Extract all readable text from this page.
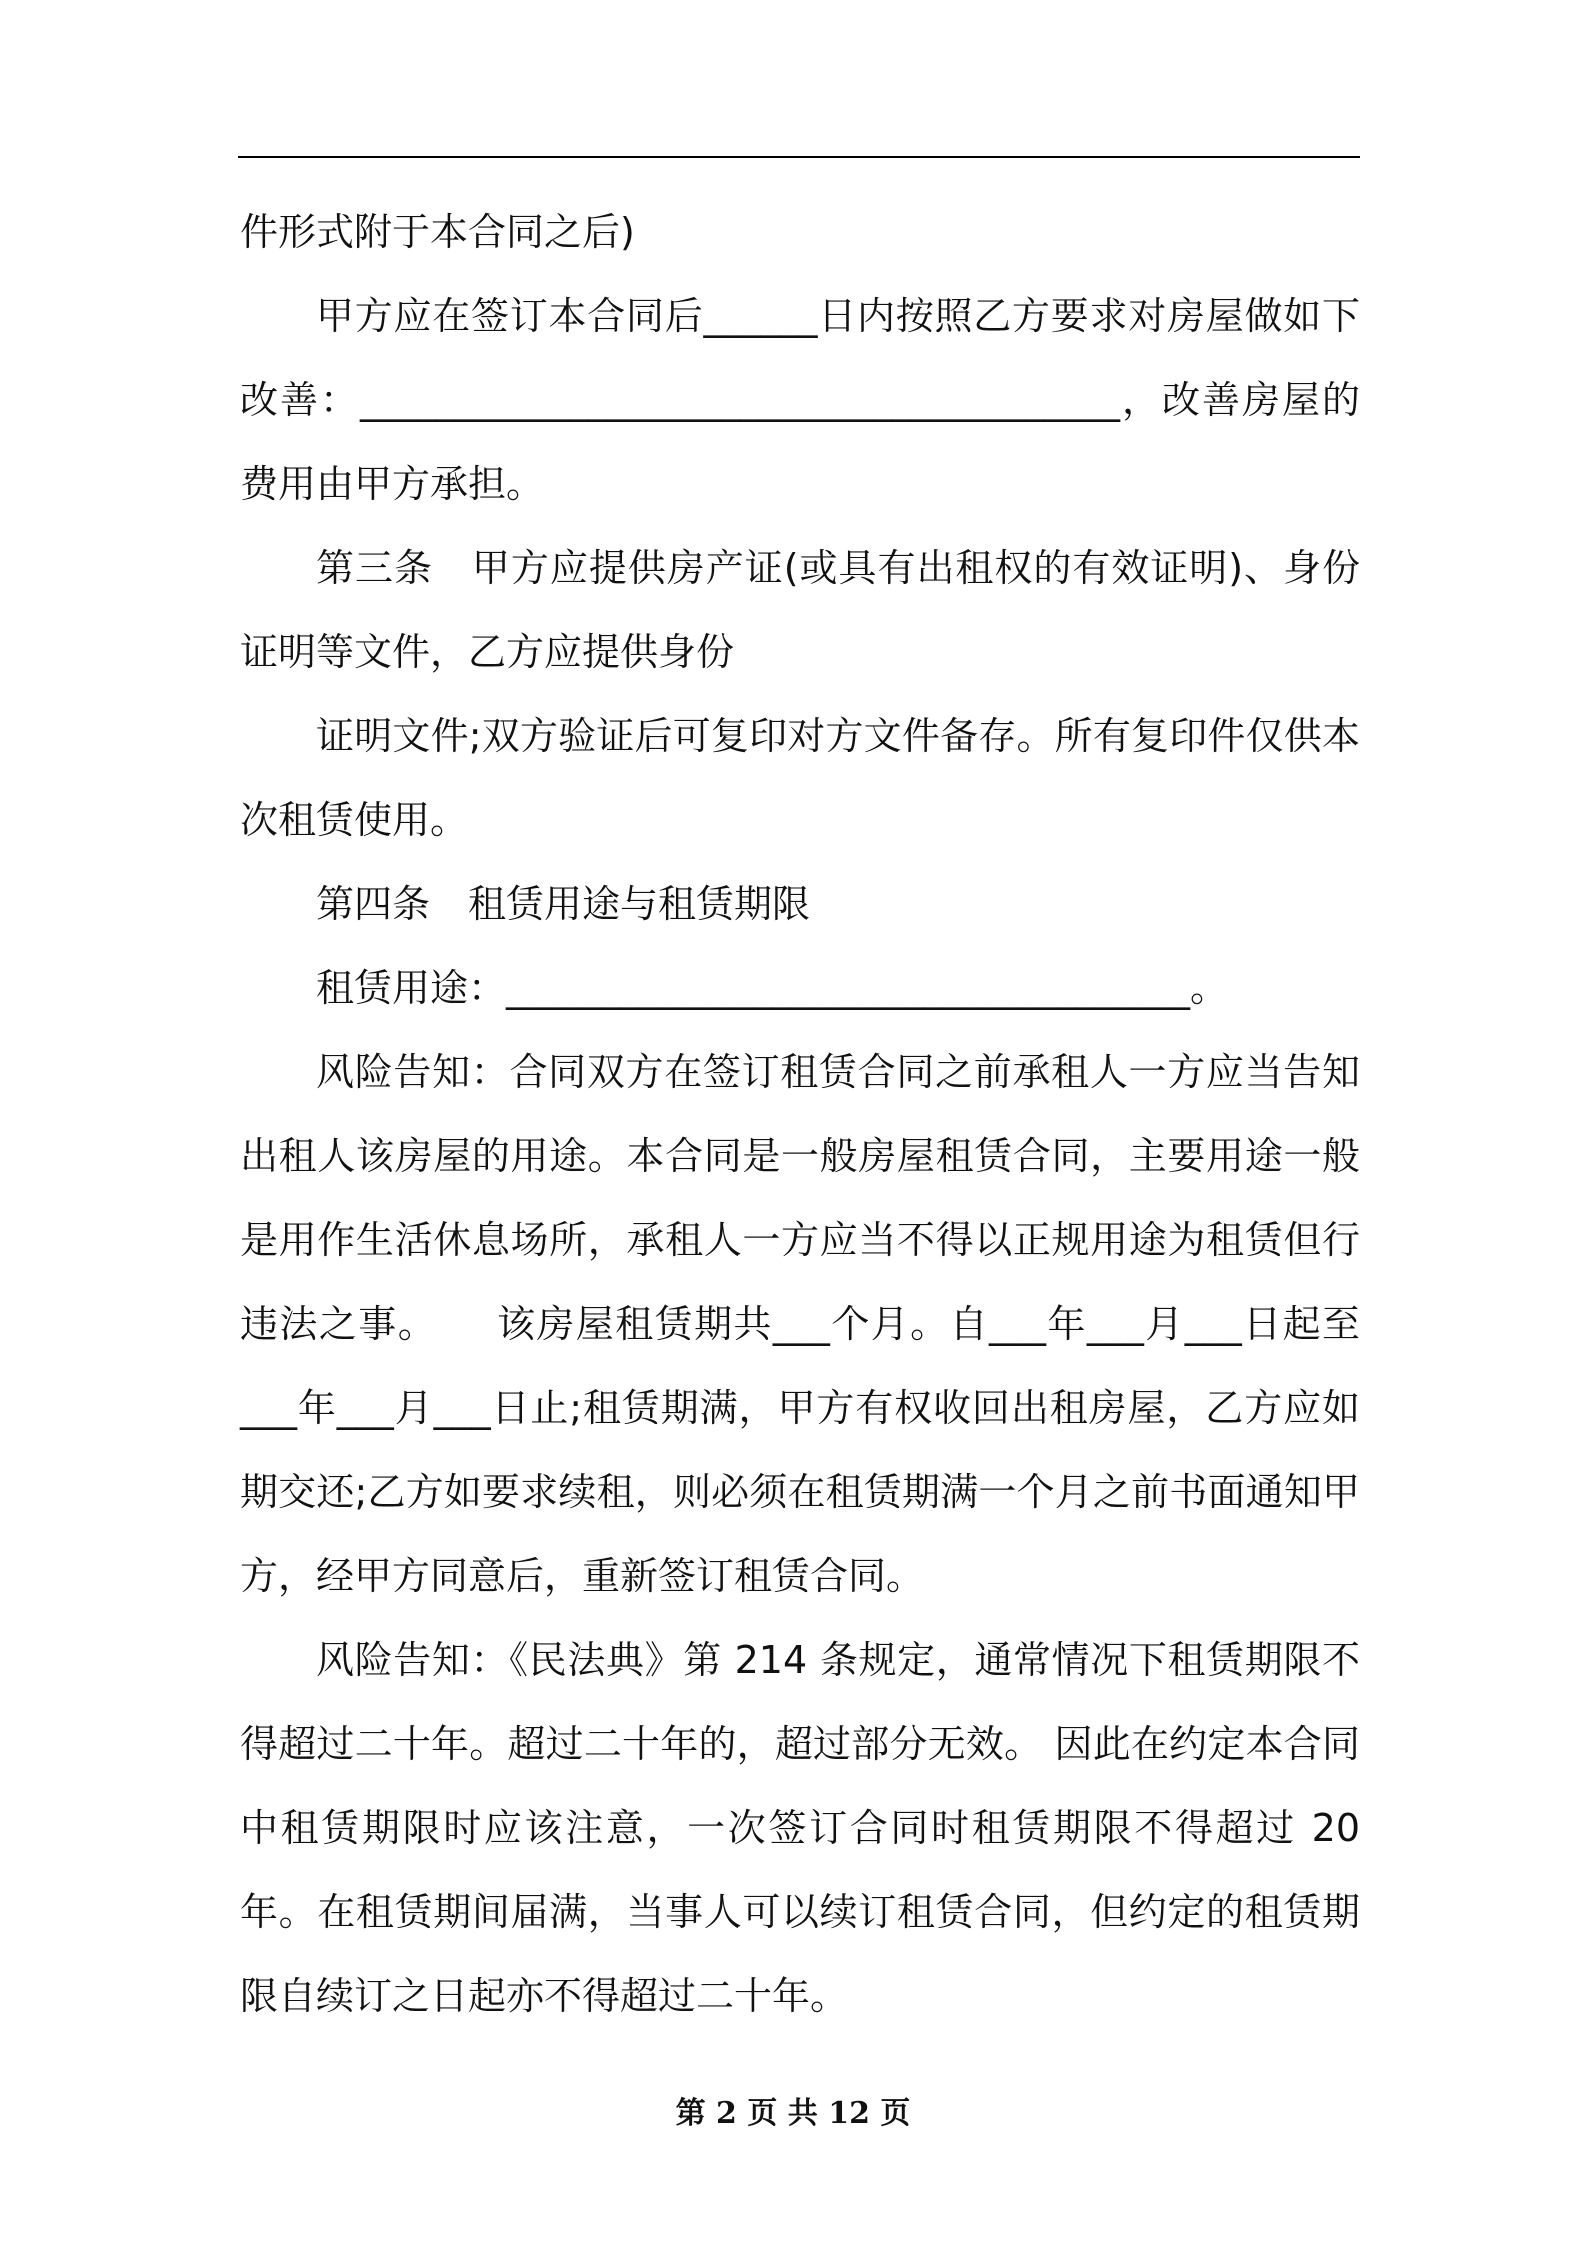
件形式附于本合同之后)

甲方应在签订本合同后______日内按照乙方要求对房屋做如下改善：________________________________________，改善房屋的费用由甲方承担。

第三条　甲方应提供房产证(或具有出租权的有效证明)、身份证明等文件，乙方应提供身份

证明文件;双方验证后可复印对方文件备存。所有复印件仅供本次租赁使用。

第四条　租赁用途与租赁期限

租赁用途：____________________________________。

风险告知：合同双方在签订租赁合同之前承租人一方应当告知出租人该房屋的用途。本合同是一般房屋租赁合同，主要用途一般是用作生活休息场所，承租人一方应当不得以正规用途为租赁但行违法之事。　　该房屋租赁期共___个月。自___年___月___日起至___年___月___日止;租赁期满，甲方有权收回出租房屋，乙方应如期交还;乙方如要求续租，则必须在租赁期满一个月之前书面通知甲方，经甲方同意后，重新签订租赁合同。

风险告知：《民法典》第 214 条规定，通常情况下租赁期限不得超过二十年。超过二十年的，超过部分无效。 因此在约定本合同中租赁期限时应该注意，一次签订合同时租赁期限不得超过 20 年。在租赁期间届满，当事人可以续订租赁合同，但约定的租赁期限自续订之日起亦不得超过二十年。

第 2 页 共 12 页
